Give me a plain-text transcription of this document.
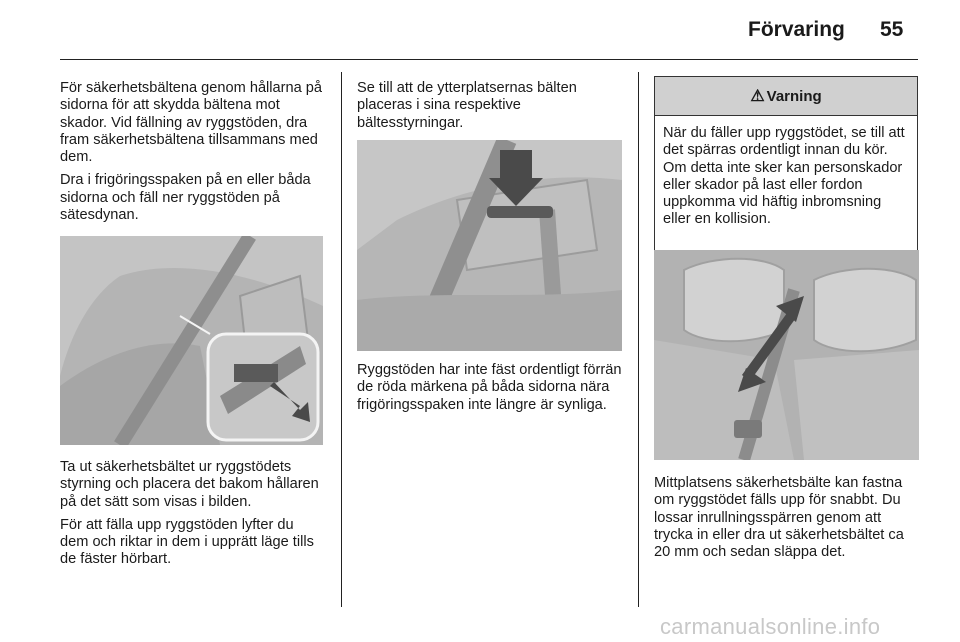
Förvaring 55

För säkerhetsbältena genom hållarna på sidorna för att skydda bältena mot skador. Vid fällning av ryggstöden, dra fram säkerhetsbältena tillsammans med dem.

Dra i frigöringsspaken på en eller båda sidorna och fäll ner ryggstöden på sätesdynan.

Ta ut säkerhetsbältet ur ryggstödets styrning och placera det bakom hållaren på det sätt som visas i bilden.

För att fälla upp ryggstöden lyfter du dem och riktar in dem i upprätt läge tills de fäster hörbart.

Se till att de ytterplatsernas bälten placeras i sina respektive bältesstyrningar.

Ryggstöden har inte fäst ordentligt förrän de röda märkena på båda sidorna nära frigöringsspaken inte längre är synliga.

⚠ Varning
När du fäller upp ryggstödet, se till att det spärras ordentligt innan du kör. Om detta inte sker kan personskador eller skador på last eller fordon uppkomma vid häftig inbromsning eller en kollision.

Mittplatsens säkerhetsbälte kan fastna om ryggstödet fälls upp för snabbt. Du lossar inrullningsspärren genom att trycka in eller dra ut säkerhetsbältet ca 20 mm och sedan släppa det.

carmanualsonline.info
